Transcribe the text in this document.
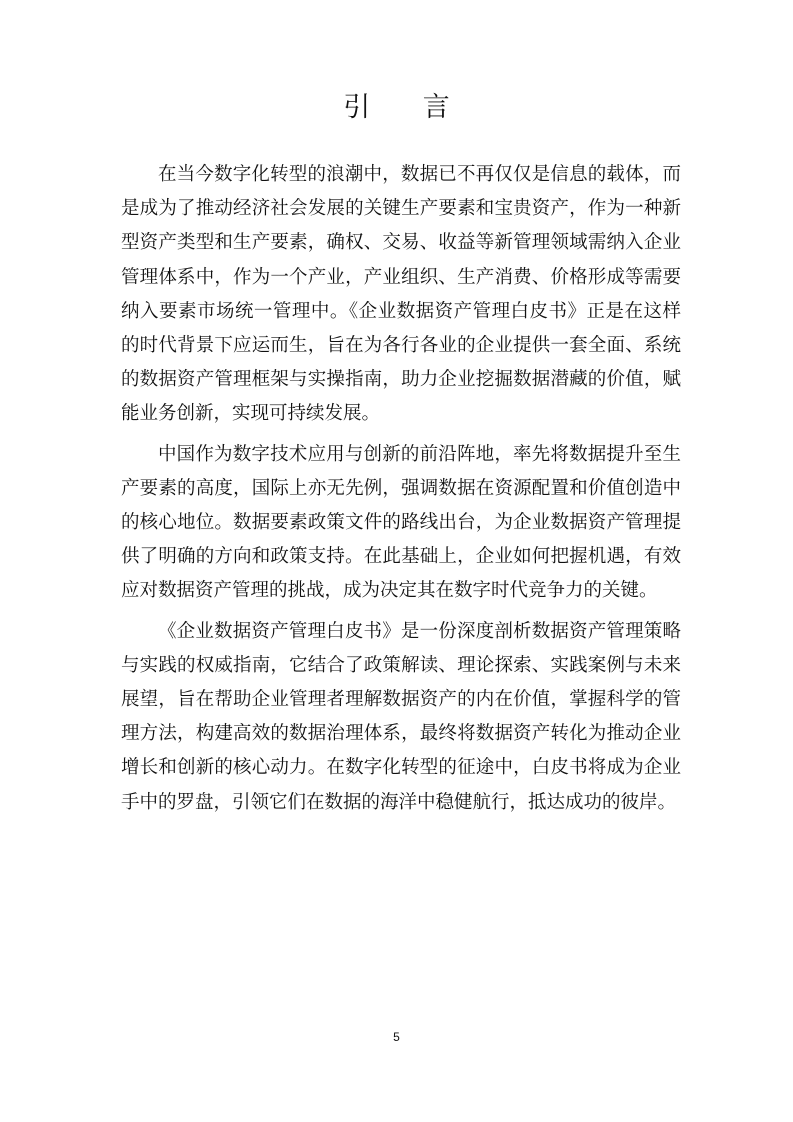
引 言

在当今数字化转型的浪潮中，数据已不再仅仅是信息的载体，而是成为了推动经济社会发展的关键生产要素和宝贵资产，作为一种新型资产类型和生产要素，确权、交易、收益等新管理领域需纳入企业管理体系中，作为一个产业，产业组织、生产消费、价格形成等需要纳入要素市场统一管理中。《企业数据资产管理白皮书》正是在这样的时代背景下应运而生，旨在为各行各业的企业提供一套全面、系统的数据资产管理框架与实操指南，助力企业挖掘数据潜藏的价值，赋能业务创新，实现可持续发展。

中国作为数字技术应用与创新的前沿阵地，率先将数据提升至生产要素的高度，国际上亦无先例，强调数据在资源配置和价值创造中的核心地位。数据要素政策文件的路线出台，为企业数据资产管理提供了明确的方向和政策支持。在此基础上，企业如何把握机遇，有效应对数据资产管理的挑战，成为决定其在数字时代竞争力的关键。

《企业数据资产管理白皮书》是一份深度剖析数据资产管理策略与实践的权威指南，它结合了政策解读、理论探索、实践案例与未来展望，旨在帮助企业管理者理解数据资产的内在价值，掌握科学的管理方法，构建高效的数据治理体系，最终将数据资产转化为推动企业增长和创新的核心动力。在数字化转型的征途中，白皮书将成为企业手中的罗盘，引领它们在数据的海洋中稳健航行，抵达成功的彼岸。

5
